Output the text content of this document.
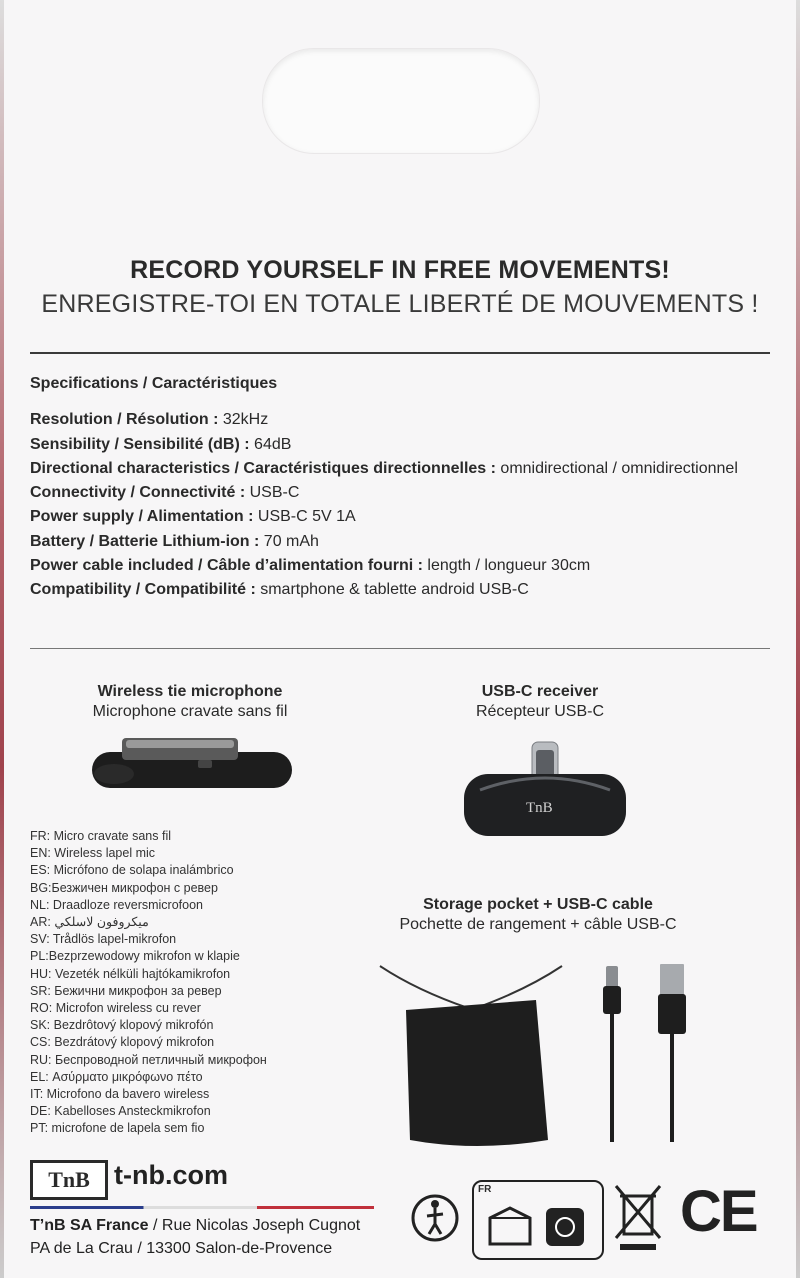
RECORD YOURSELF IN FREE MOVEMENTS!
ENREGISTRE-TOI EN TOTALE LIBERTÉ DE MOUVEMENTS !
Specifications / Caractéristiques
Resolution / Résolution : 32kHz
Sensibility / Sensibilité (dB) : 64dB
Directional characteristics / Caractéristiques directionnelles : omnidirectional / omnidirectionnel
Connectivity / Connectivité : USB-C
Power supply / Alimentation : USB-C 5V 1A
Battery / Batterie Lithium-ion : 70 mAh
Power cable included / Câble d’alimentation fourni : length / longueur 30cm
Compatibility / Compatibilité : smartphone & tablette android USB-C
Wireless tie microphone
Microphone cravate sans fil
USB-C receiver
Récepteur USB-C
TnB
Storage pocket + USB-C cable
Pochette de rangement + câble USB-C
FR: Micro cravate sans fil
EN: Wireless lapel mic
ES: Micrófono de solapa inalámbrico
BG:Безжичен микрофон с ревер
NL: Draadloze reversmicrofoon
AR: ميكروفون لاسلكي
SV: Trådlös lapel-mikrofon
PL:Bezprzewodowy mikrofon w klapie
HU: Vezeték nélküli hajtókamikrofon
SR: Бежични микрофон за ревер
RO: Microfon wireless cu rever
SK: Bezdrôtový klopový mikrofón
CS: Bezdrátový klopový mikrofon
RU: Беспроводной петличный микрофон
EL: Ασύρματο μικρόφωνο πέτο
IT: Microfono da bavero wireless
DE: Kabelloses Ansteckmikrofon
PT: microfone de lapela sem fio
TnB t-nb.com
T’nB SA France / Rue Nicolas Joseph Cugnot
PA de La Crau / 13300 Salon-de-Provence
FR	CE
